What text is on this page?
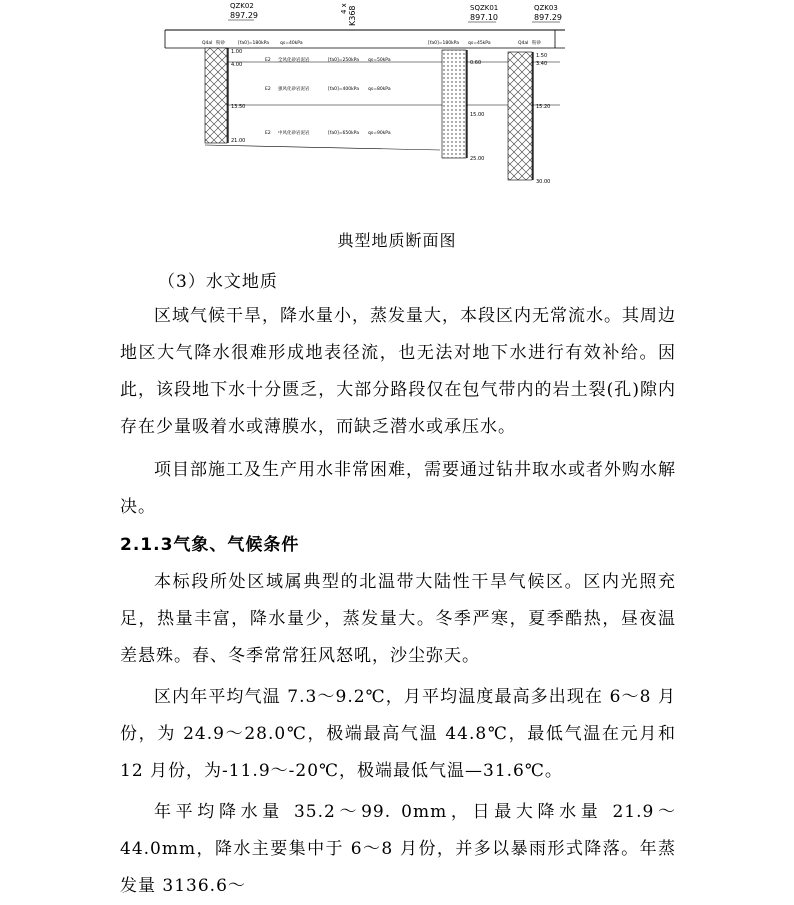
4 x K368
QZK02
897.29
1.00
4.00
13.50
21.00
Q4al 粉砂	[fa0]=180kPa qs=40kPa
E2 全风化砂岩泥岩	[fa0]=250kPa qs=50kPa
E2 强风化砂岩泥岩	[fa0]=400kPa qs=80kPa
E2 中风化砂岩泥岩	[fa0]=650kPa qs=90kPa
SQZK01
897.10
[fa0]=180kPa qs=45kPa
0.60
15.00
25.00
QZK03
897.29
Q4al 粉砂
1.50
3.40
15.20
30.00
典型地质断面图
（3）水文地质

区域气候干旱，降水量小，蒸发量大，本段区内无常流水。其周边地区大气降水很难形成地表径流，也无法对地下水进行有效补给。因此，该段地下水十分匮乏，大部分路段仅在包气带内的岩土裂(孔)隙内存在少量吸着水或薄膜水，而缺乏潜水或承压水。

项目部施工及生产用水非常困难，需要通过钻井取水或者外购水解决。

2.1.3气象、气候条件

本标段所处区域属典型的北温带大陆性干旱气候区。区内光照充足，热量丰富，降水量少，蒸发量大。冬季严寒，夏季酷热，昼夜温差悬殊。春、冬季常常狂风怒吼，沙尘弥天。

区内年平均气温 7.3～9.2℃，月平均温度最高多出现在 6～8 月份，为 24.9～28.0℃，极端最高气温 44.8℃，最低气温在元月和 12 月份，为-11.9～-20℃，极端最低气温—31.6℃。

年平均降水量 35.2～99. 0mm，日最大降水量 21.9～44.0mm，降水主要集中于 6～8 月份，并多以暴雨形式降落。年蒸发量 3136.6～
